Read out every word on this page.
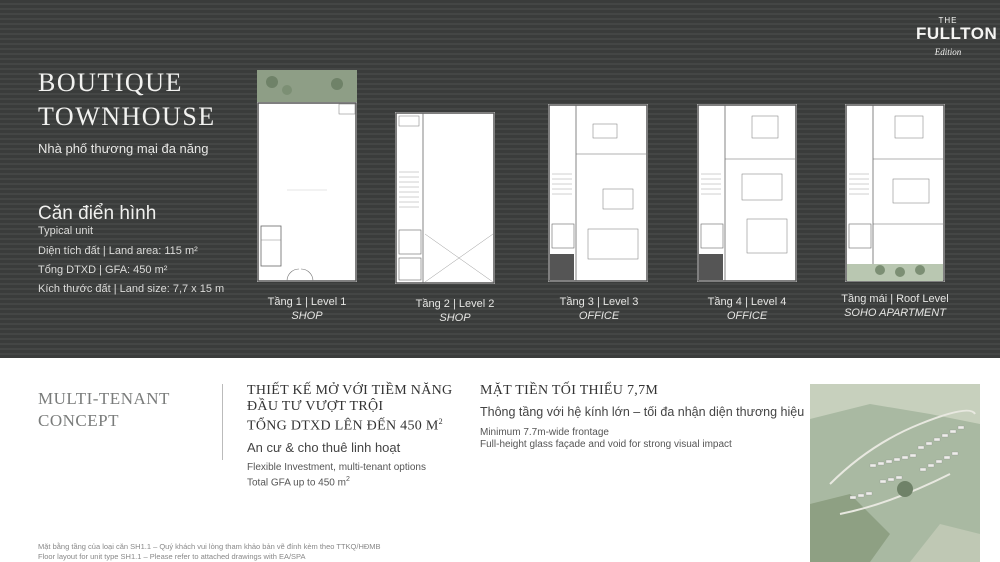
BOUTIQUE
TOWNHOUSE
Nhà phố thương mại đa năng
Căn điển hình
Typical unit
Diện tích đất | Land area: 115 m²
Tổng DTXD | GFA: 450 m²
Kích thước đất | Land size: 7,7 x 15 m
THE
FULLTON
Edition
Tầng 1 | Level 1
SHOP
Tầng 2 | Level 2
SHOP
Tầng 3 | Level 3
OFFICE
Tầng 4 | Level 4
OFFICE
Tầng mái | Roof Level
SOHO APARTMENT
MULTI-TENANT
CONCEPT
THIẾT KẾ MỞ VỚI TIỀM NĂNG
ĐẦU TƯ VƯỢT TRỘI
TỔNG DTXD LÊN ĐẾN 450 $M^2$
An cư & cho thuê linh hoạt
Flexible Investment, multi-tenant options
Total GFA up to 450 $m^2$
MẶT TIỀN TỐI THIỂU 7,7M
Thông tầng với hệ kính lớn – tối đa nhận diện thương hiệu
Minimum 7.7m-wide frontage
Full-height glass façade and void for strong visual impact
Mặt bằng tầng của loại căn SH1.1 – Quý khách vui lòng tham khảo bản vẽ đính kèm theo TTKQ/HĐMB
Floor layout for unit type SH1.1 – Please refer to attached drawings with EA/SPA
